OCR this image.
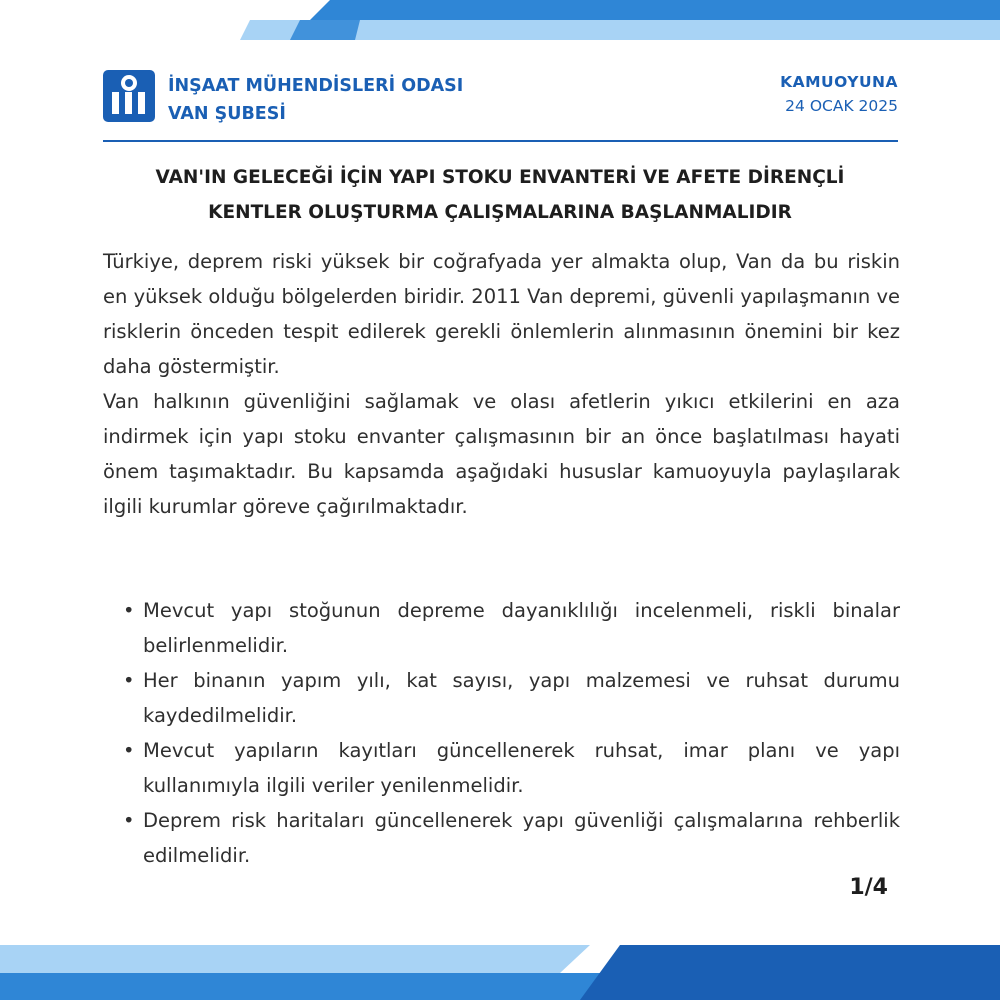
İNŞAAT MÜHENDİSLERİ ODASI
VAN ŞUBESİ
KAMUOYUNA
24 OCAK 2025
VAN'IN GELECEĞİ İÇİN YAPI STOKU ENVANTERİ VE AFETE DİRENÇLİ
KENTLER OLUŞTURMA ÇALIŞMALARINA BAŞLANMALIDIR

Türkiye, deprem riski yüksek bir coğrafyada yer almakta olup, Van da bu riskin en yüksek olduğu bölgelerden biridir. 2011 Van depremi, güvenli yapılaşmanın ve risklerin önceden tespit edilerek gerekli önlemlerin alınmasının önemini bir kez daha göstermiştir.

Van halkının güvenliğini sağlamak ve olası afetlerin yıkıcı etkilerini en aza indirmek için yapı stoku envanter çalışmasının bir an önce başlatılması hayati önem taşımaktadır. Bu kapsamda aşağıdaki hususlar kamuoyuyla paylaşılarak ilgili kurumlar göreve çağırılmaktadır.

• Mevcut yapı stoğunun depreme dayanıklılığı incelenmeli, riskli binalar belirlenmelidir.
• Her binanın yapım yılı, kat sayısı, yapı malzemesi ve ruhsat durumu kaydedilmelidir.
• Mevcut yapıların kayıtları güncellenerek ruhsat, imar planı ve yapı kullanımıyla ilgili veriler yenilenmelidir.
• Deprem risk haritaları güncellenerek yapı güvenliği çalışmalarına rehberlik edilmelidir.
1/4
